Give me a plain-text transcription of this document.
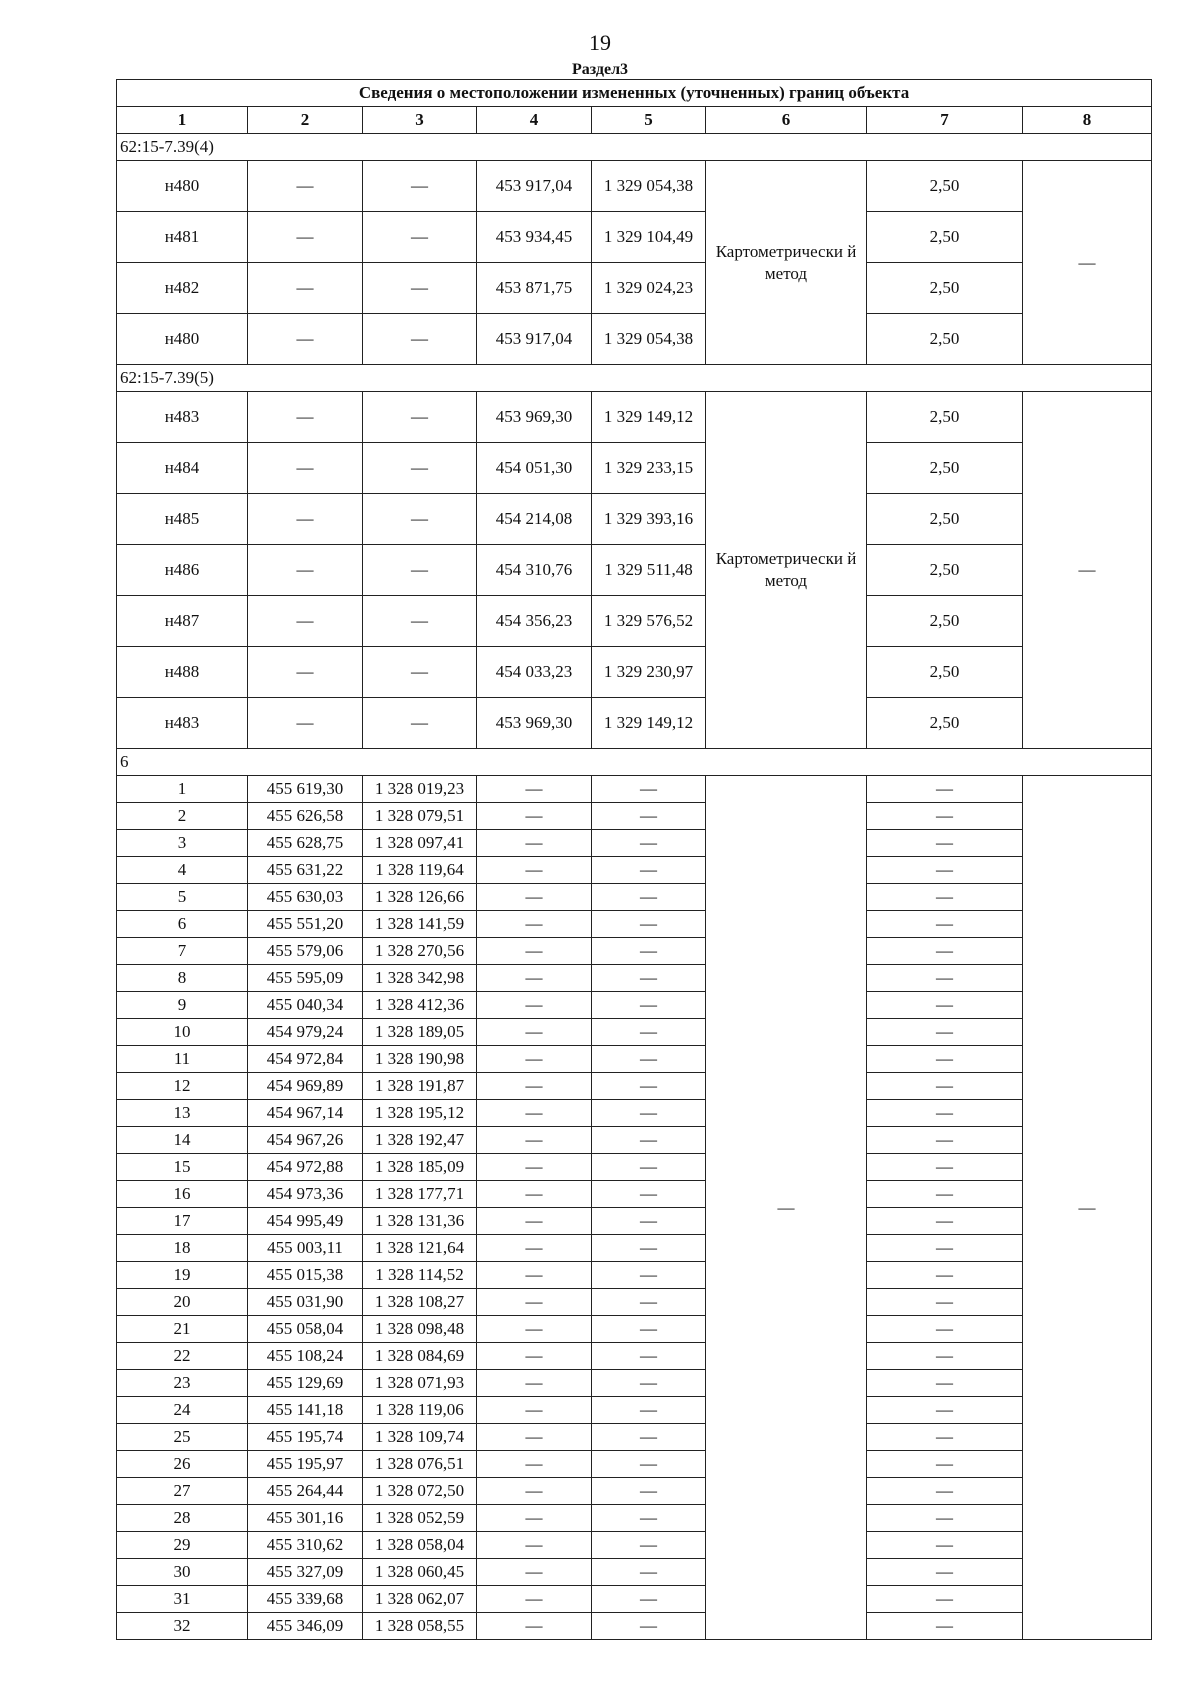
19
Раздел3
Сведения о местоположении измененных (уточненных) границ объекта							
1	2	3	4	5	6	7	8
62:15-7.39(4)							
н480	—	—	453 917,04	1 329 054,38	Картометрически й метод	2,50	—
н481	—	—	453 934,45	1 329 104,49		2,50	
н482	—	—	453 871,75	1 329 024,23		2,50	
н480	—	—	453 917,04	1 329 054,38		2,50	
62:15-7.39(5)							
н483	—	—	453 969,30	1 329 149,12	Картометрически й метод	2,50	—
н484	—	—	454 051,30	1 329 233,15		2,50	
н485	—	—	454 214,08	1 329 393,16		2,50	
н486	—	—	454 310,76	1 329 511,48		2,50	
н487	—	—	454 356,23	1 329 576,52		2,50	
н488	—	—	454 033,23	1 329 230,97		2,50	
н483	—	—	453 969,30	1 329 149,12		2,50	
6							
1	455 619,30	1 328 019,23	—	—	—	—	—
2	455 626,58	1 328 079,51	—	—		—	
3	455 628,75	1 328 097,41	—	—		—	
4	455 631,22	1 328 119,64	—	—		—	
5	455 630,03	1 328 126,66	—	—		—	
6	455 551,20	1 328 141,59	—	—		—	
7	455 579,06	1 328 270,56	—	—		—	
8	455 595,09	1 328 342,98	—	—		—	
9	455 040,34	1 328 412,36	—	—		—	
10	454 979,24	1 328 189,05	—	—		—	
11	454 972,84	1 328 190,98	—	—		—	
12	454 969,89	1 328 191,87	—	—		—	
13	454 967,14	1 328 195,12	—	—		—	
14	454 967,26	1 328 192,47	—	—		—	
15	454 972,88	1 328 185,09	—	—		—	
16	454 973,36	1 328 177,71	—	—		—	
17	454 995,49	1 328 131,36	—	—		—	
18	455 003,11	1 328 121,64	—	—		—	
19	455 015,38	1 328 114,52	—	—		—	
20	455 031,90	1 328 108,27	—	—		—	
21	455 058,04	1 328 098,48	—	—		—	
22	455 108,24	1 328 084,69	—	—		—	
23	455 129,69	1 328 071,93	—	—		—	
24	455 141,18	1 328 119,06	—	—		—	
25	455 195,74	1 328 109,74	—	—		—	
26	455 195,97	1 328 076,51	—	—		—	
27	455 264,44	1 328 072,50	—	—		—	
28	455 301,16	1 328 052,59	—	—		—	
29	455 310,62	1 328 058,04	—	—		—	
30	455 327,09	1 328 060,45	—	—		—	
31	455 339,68	1 328 062,07	—	—		—	
32	455 346,09	1 328 058,55	—	—		—	
